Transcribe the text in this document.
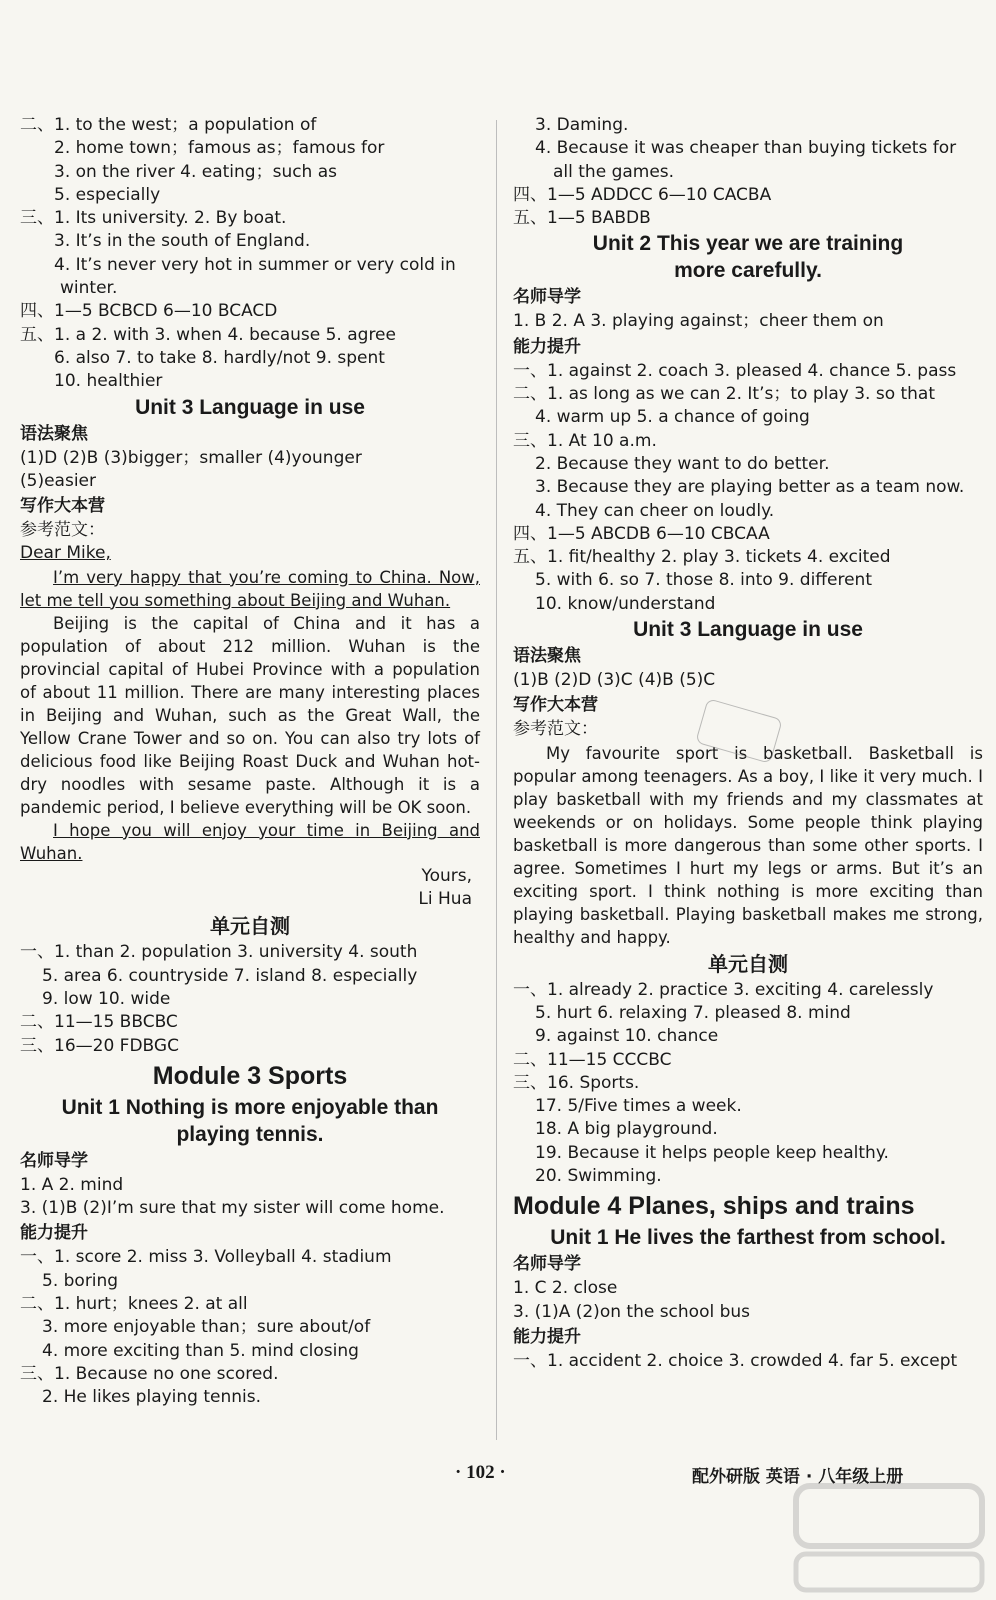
二、1. to the west；a population of
2. home town；famous as；famous for
3. on the river 4. eating；such as
5. especially
三、1. Its university. 2. By boat.
3. It’s in the south of England.
4. It’s never very hot in summer or very cold in
winter.
四、1—5 BCBCD 6—10 BCACD
五、1. a 2. with 3. when 4. because 5. agree
6. also 7. to take 8. hardly/not 9. spent
10. healthier
Unit 3 Language in use
语法聚焦
(1)D (2)B (3)bigger；smaller (4)younger
(5)easier
写作大本营
参考范文：
Dear Mike,

I’m very happy that you’re coming to China. Now, let me tell you something about Beijing and Wuhan.

Beijing is the capital of China and it has a population of about 212 million. Wuhan is the provincial capital of Hubei Province with a population of about 11 million. There are many interesting places in Beijing and Wuhan, such as the Great Wall, the Yellow Crane Tower and so on. You can also try lots of delicious food like Beijing Roast Duck and Wuhan hot-dry noodles with sesame paste. Although it is a pandemic period, I believe everything will be OK soon.

I hope you will enjoy your time in Beijing and Wuhan.

Yours,
Li Hua
单元自测
一、1. than 2. population 3. university 4. south
5. area 6. countryside 7. island 8. especially
9. low 10. wide
二、11—15 BBCBC
三、16—20 FDBGC
Module 3 Sports
Unit 1 Nothing is more enjoyable than
playing tennis.
名师导学
1. A 2. mind
3. (1)B (2)I’m sure that my sister will come home.
能力提升
一、1. score 2. miss 3. Volleyball 4. stadium
5. boring
二、1. hurt；knees 2. at all
3. more enjoyable than；sure about/of
4. more exciting than 5. mind closing
三、1. Because no one scored.
2. He likes playing tennis.
3. Daming.
4. Because it was cheaper than buying tickets for
all the games.
四、1—5 ADDCC 6—10 CACBA
五、1—5 BABDB
Unit 2 This year we are training
more carefully.
名师导学
1. B 2. A 3. playing against；cheer them on
能力提升
一、1. against 2. coach 3. pleased 4. chance 5. pass
二、1. as long as we can 2. It’s；to play 3. so that
4. warm up 5. a chance of going
三、1. At 10 a.m.
2. Because they want to do better.
3. Because they are playing better as a team now.
4. They can cheer on loudly.
四、1—5 ABCDB 6—10 CBCAA
五、1. fit/healthy 2. play 3. tickets 4. excited
5. with 6. so 7. those 8. into 9. different
10. know/understand
Unit 3 Language in use
语法聚焦
(1)B (2)D (3)C (4)B (5)C
写作大本营
参考范文：

My favourite sport is basketball. Basketball is popular among teenagers. As a boy, I like it very much. I play basketball with my friends and my classmates at weekends or on holidays. Some people think playing basketball is more dangerous than some other sports. I agree. Sometimes I hurt my legs or arms. But it’s an exciting sport. I think nothing is more exciting than playing basketball. Playing basketball makes me strong, healthy and happy.

单元自测
一、1. already 2. practice 3. exciting 4. carelessly
5. hurt 6. relaxing 7. pleased 8. mind
9. against 10. chance
二、11—15 CCCBC
三、16. Sports.
17. 5/Five times a week.
18. A big playground.
19. Because it helps people keep healthy.
20. Swimming.
Module 4 Planes, ships and trains
Unit 1 He lives the farthest from school.
名师导学
1. C 2. close
3. (1)A (2)on the school bus
能力提升
一、1. accident 2. choice 3. crowded 4. far 5. except
· 102 ·	配外研版 英语 · 八年级上册
